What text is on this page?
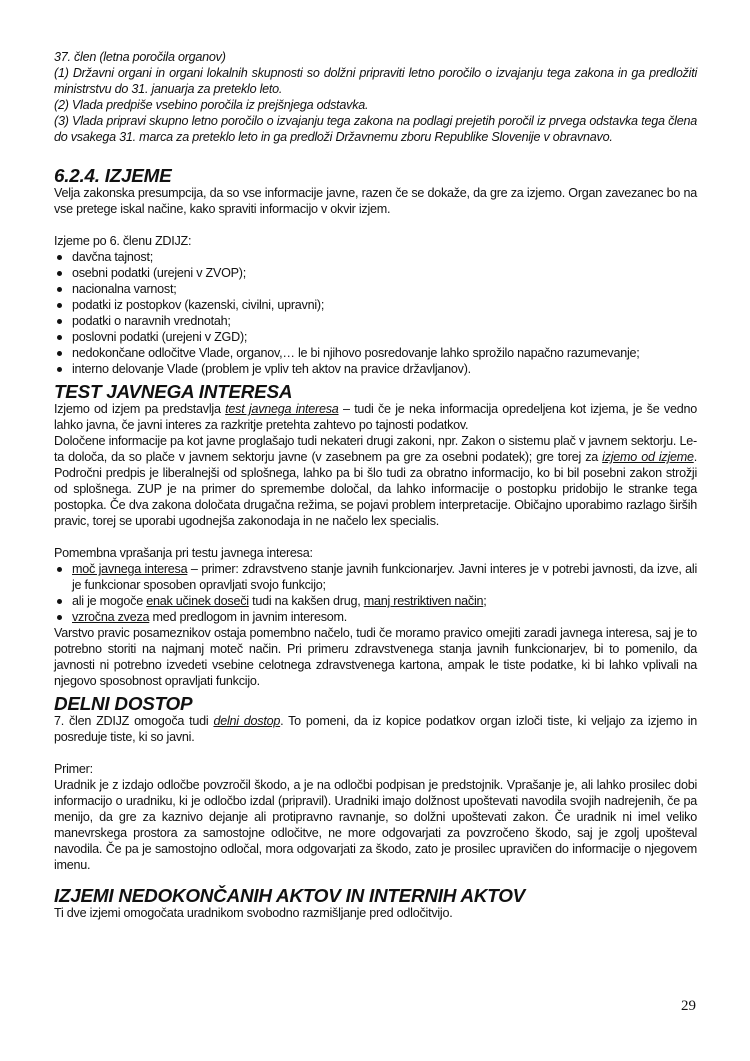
37. člen (letna poročila organov)

(1) Državni organi in organi lokalnih skupnosti so dolžni pripraviti letno poročilo o izvajanju tega zakona in ga predložiti ministrstvu do 31. januarja za preteklo leto.

(2) Vlada predpiše vsebino poročila iz prejšnjega odstavka.

(3) Vlada pripravi skupno letno poročilo o izvajanju tega zakona na podlagi prejetih poročil iz prvega odstavka tega člena do vsakega 31. marca za preteklo leto in ga predloži Državnemu zboru Republike Slovenije v obravnavo.

6.2.4. IZJEME

Velja zakonska presumpcija, da so vse informacije javne, razen če se dokaže, da gre za izjemo. Organ zavezanec bo na vse pretege iskal načine, kako spraviti informacijo v okvir izjem.

Izjeme po 6. členu ZDIJZ:

davčna tajnost;
osebni podatki (urejeni v ZVOP);
nacionalna varnost;
podatki iz postopkov (kazenski, civilni, upravni);
podatki o naravnih vrednotah;
poslovni podatki (urejeni v ZGD);
nedokončane odločitve Vlade, organov,… le bi njihovo posredovanje lahko sprožilo napačno razumevanje;
interno delovanje Vlade (problem je vpliv teh aktov na pravice državljanov).
TEST JAVNEGA INTERESA

Izjemo od izjem pa predstavlja test javnega interesa – tudi če je neka informacija opredeljena kot izjema, je še vedno lahko javna, če javni interes za razkritje pretehta zahtevo po tajnosti podatkov.

Določene informacije pa kot javne proglašajo tudi nekateri drugi zakoni, npr. Zakon o sistemu plač v javnem sektorju. Le-ta določa, da so plače v javnem sektorju javne (v zasebnem pa gre za osebni podatek); gre torej za izjemo od izjeme. Področni predpis je liberalnejši od splošnega, lahko pa bi šlo tudi za obratno informacijo, ko bi bil posebni zakon strožji od splošnega. ZUP je na primer do spremembe določal, da lahko informacije o postopku pridobijo le stranke tega postopka. Če dva zakona določata drugačna režima, se pojavi problem interpretacije. Običajno uporabimo razlago širših pravic, torej se uporabi ugodnejša zakonodaja in ne načelo lex specialis.

Pomembna vprašanja pri testu javnega interesa:

moč javnega interesa – primer: zdravstveno stanje javnih funkcionarjev. Javni interes je v potrebi javnosti, da izve, ali je funkcionar sposoben opravljati svojo funkcijo;
ali je mogoče enak učinek doseči tudi na kakšen drug, manj restriktiven način;
vzročna zveza med predlogom in javnim interesom.

Varstvo pravic posameznikov ostaja pomembno načelo, tudi če moramo pravico omejiti zaradi javnega interesa, saj je to potrebno storiti na najmanj moteč način. Pri primeru zdravstvenega stanja javnih funkcionarjev, bi to pomenilo, da javnosti ni potrebno izvedeti vsebine celotnega zdravstvenega kartona, ampak le tiste podatke, ki bi lahko vplivali na njegovo sposobnost opravljati funkcijo.

DELNI DOSTOP

7. člen ZDIJZ omogoča tudi delni dostop. To pomeni, da iz kopice podatkov organ izloči tiste, ki veljajo za izjemo in posreduje tiste, ki so javni.

Primer:

Uradnik je z izdajo odločbe povzročil škodo, a je na odločbi podpisan je predstojnik. Vprašanje je, ali lahko prosilec dobi informacijo o uradniku, ki je odločbo izdal (pripravil). Uradniki imajo dolžnost upoštevati navodila svojih nadrejenih, če pa menijo, da gre za kaznivo dejanje ali protipravno ravnanje, so dolžni upoštevati zakon. Če uradnik ni imel veliko manevrskega prostora za samostojne odločitve, ne more odgovarjati za povzročeno škodo, saj je zgolj upošteval navodila. Če pa je samostojno odločal, mora odgovarjati za škodo, zato je prosilec upravičen do informacije o njegovem imenu.

IZJEMI NEDOKONČANIH AKTOV IN INTERNIH AKTOV

Ti dve izjemi omogočata uradnikom svobodno razmišljanje pred odločitvijo.

29
